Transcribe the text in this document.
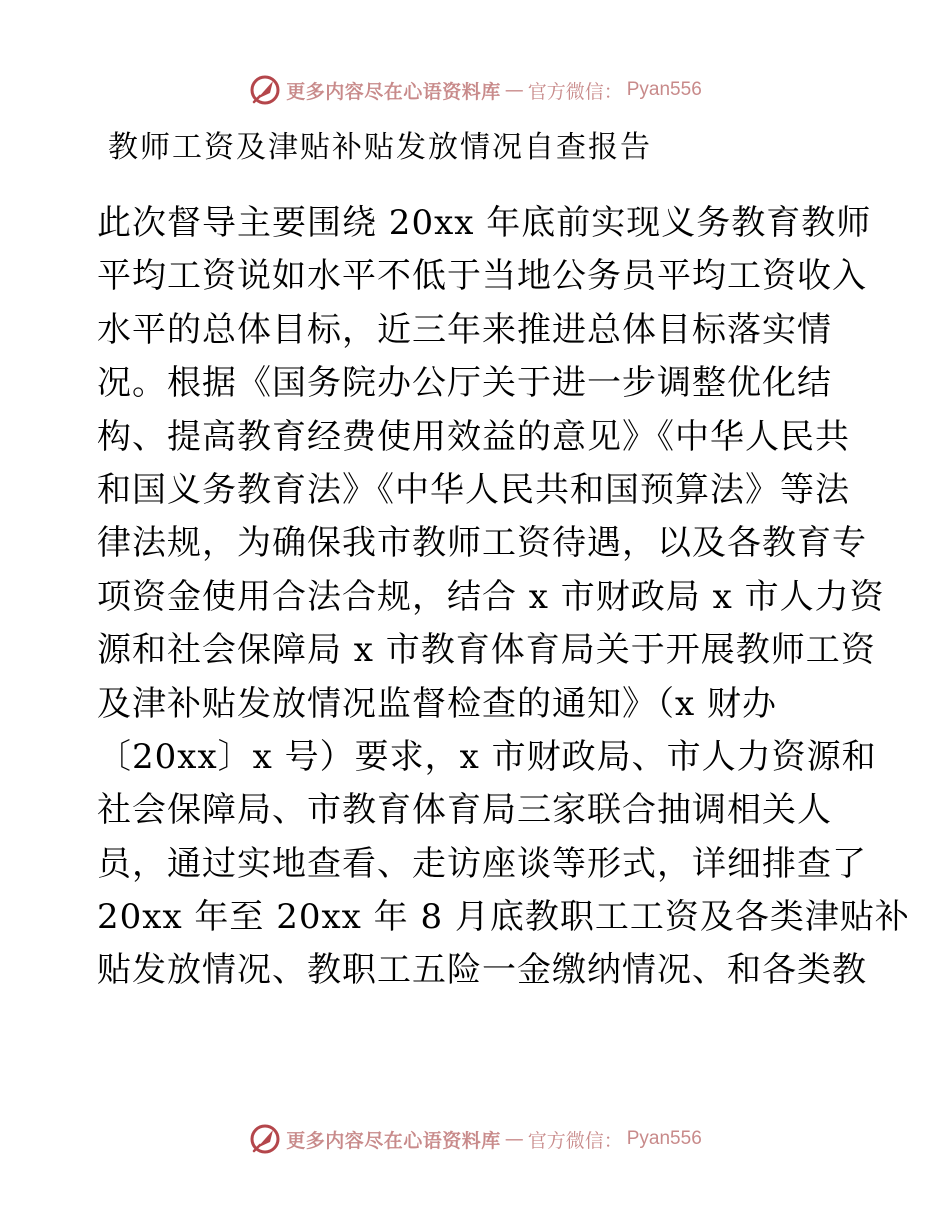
更多内容尽在心语资料库 — 官方微信： Pyan556
教师工资及津贴补贴发放情况自查报告
此次督导主要围绕 20xx 年底前实现义务教育教师
平均工资说如水平不低于当地公务员平均工资收入
水平的总体目标，近三年来推进总体目标落实情
况。根据《国务院办公厅关于进一步调整优化结
构、提高教育经费使用效益的意见》《中华人民共
和国义务教育法》《中华人民共和国预算法》等法
律法规，为确保我市教师工资待遇，以及各教育专
项资金使用合法合规，结合 x 市财政局 x 市人力资
源和社会保障局 x 市教育体育局关于开展教师工资
及津补贴发放情况监督检查的通知》（x 财办
〔20xx〕x 号）要求，x 市财政局、市人力资源和
社会保障局、市教育体育局三家联合抽调相关人
员，通过实地查看、走访座谈等形式，详细排查了
20xx 年至 20xx 年 8 月底教职工工资及各类津贴补
贴发放情况、教职工五险一金缴纳情况、和各类教
更多内容尽在心语资料库 — 官方微信： Pyan556
